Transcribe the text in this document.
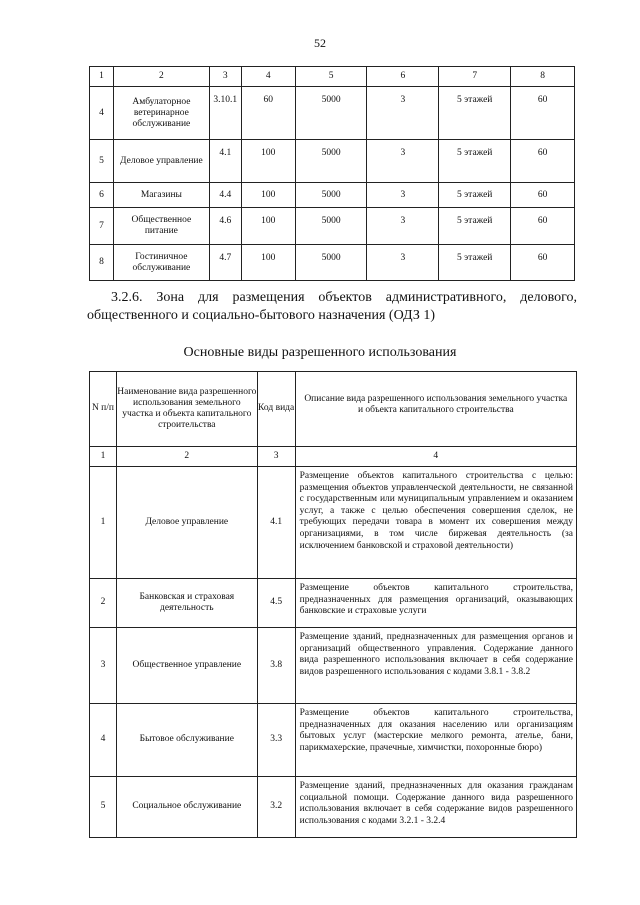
52
1	2	3	4	5	6	7	8
4	Амбулаторное ветеринарное обслуживание	3.10.1	60	5000	3	5 этажей	60
5	Деловое управление	4.1	100	5000	3	5 этажей	60
6	Магазины	4.4	100	5000	3	5 этажей	60
7	Общественное питание	4.6	100	5000	3	5 этажей	60
8	Гостиничное обслуживание	4.7	100	5000	3	5 этажей	60
3.2.6. Зона для размещения объектов административного, делового, общественного и социально-бытового назначения (ОДЗ 1)
Основные виды разрешенного использования
N п/п	Наименование вида разрешенного использования земельного участка и объекта капитального строительства	Код вида	Описание вида разрешенного использования земельного участка и объекта капитального строительства
1	2	3	4
1	Деловое управление	4.1	Размещение объектов капитального строительства с целью: размещения объектов управленческой деятельности, не связанной с государственным или муниципальным управлением и оказанием услуг, а также с целью обеспечения совершения сделок, не требующих передачи товара в момент их совершения между организациями, в том числе биржевая деятельность (за исключением банковской и страховой деятельности)
2	Банковская и страховая деятельность	4.5	Размещение объектов капитального строительства, предназначенных для размещения организаций, оказывающих банковские и страховые услуги
3	Общественное управление	3.8	Размещение зданий, предназначенных для размещения органов и организаций общественного управления. Содержание данного вида разрешенного использования включает в себя содержание видов разрешенного использования с кодами 3.8.1 - 3.8.2
4	Бытовое обслуживание	3.3	Размещение объектов капитального строительства, предназначенных для оказания населению или организациям бытовых услуг (мастерские мелкого ремонта, ателье, бани, парикмахерские, прачечные, химчистки, похоронные бюро)
5	Социальное обслуживание	3.2	Размещение зданий, предназначенных для оказания гражданам социальной помощи. Содержание данного вида разрешенного использования включает в себя содержание видов разрешенного использования с кодами 3.2.1 - 3.2.4
